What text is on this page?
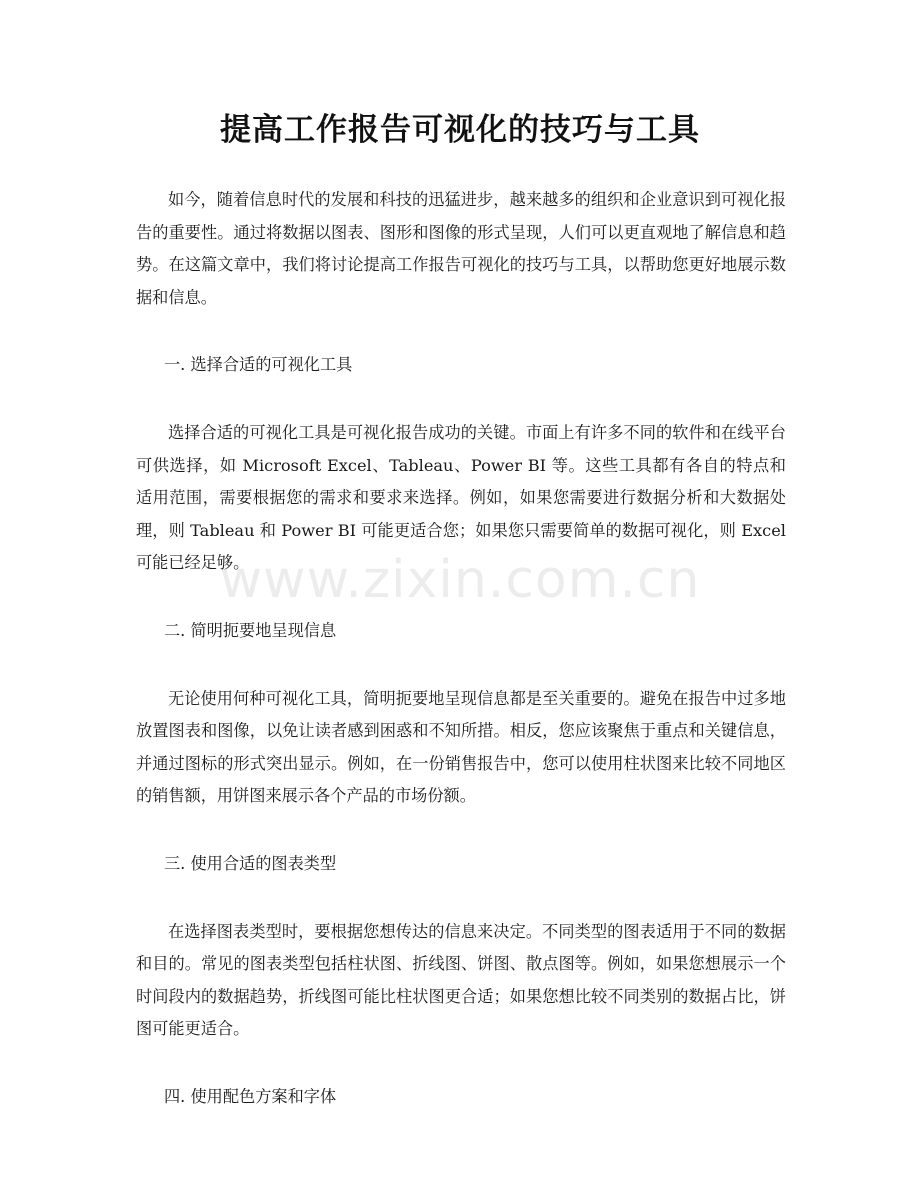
提高工作报告可视化的技巧与工具

如今，随着信息时代的发展和科技的迅猛进步，越来越多的组织和企业意识到可视化报告的重要性。通过将数据以图表、图形和图像的形式呈现，人们可以更直观地了解信息和趋势。在这篇文章中，我们将讨论提高工作报告可视化的技巧与工具，以帮助您更好地展示数据和信息。

一. 选择合适的可视化工具

选择合适的可视化工具是可视化报告成功的关键。市面上有许多不同的软件和在线平台可供选择，如 Microsoft Excel、Tableau、Power BI 等。这些工具都有各自的特点和适用范围，需要根据您的需求和要求来选择。例如，如果您需要进行数据分析和大数据处理，则 Tableau 和 Power BI 可能更适合您；如果您只需要简单的数据可视化，则 Excel 可能已经足够。

二. 简明扼要地呈现信息

无论使用何种可视化工具，简明扼要地呈现信息都是至关重要的。避免在报告中过多地放置图表和图像，以免让读者感到困惑和不知所措。相反，您应该聚焦于重点和关键信息，并通过图标的形式突出显示。例如，在一份销售报告中，您可以使用柱状图来比较不同地区的销售额，用饼图来展示各个产品的市场份额。

三. 使用合适的图表类型

在选择图表类型时，要根据您想传达的信息来决定。不同类型的图表适用于不同的数据和目的。常见的图表类型包括柱状图、折线图、饼图、散点图等。例如，如果您想展示一个时间段内的数据趋势，折线图可能比柱状图更合适；如果您想比较不同类别的数据占比，饼图可能更适合。

四. 使用配色方案和字体

www.zixin.com.cn
